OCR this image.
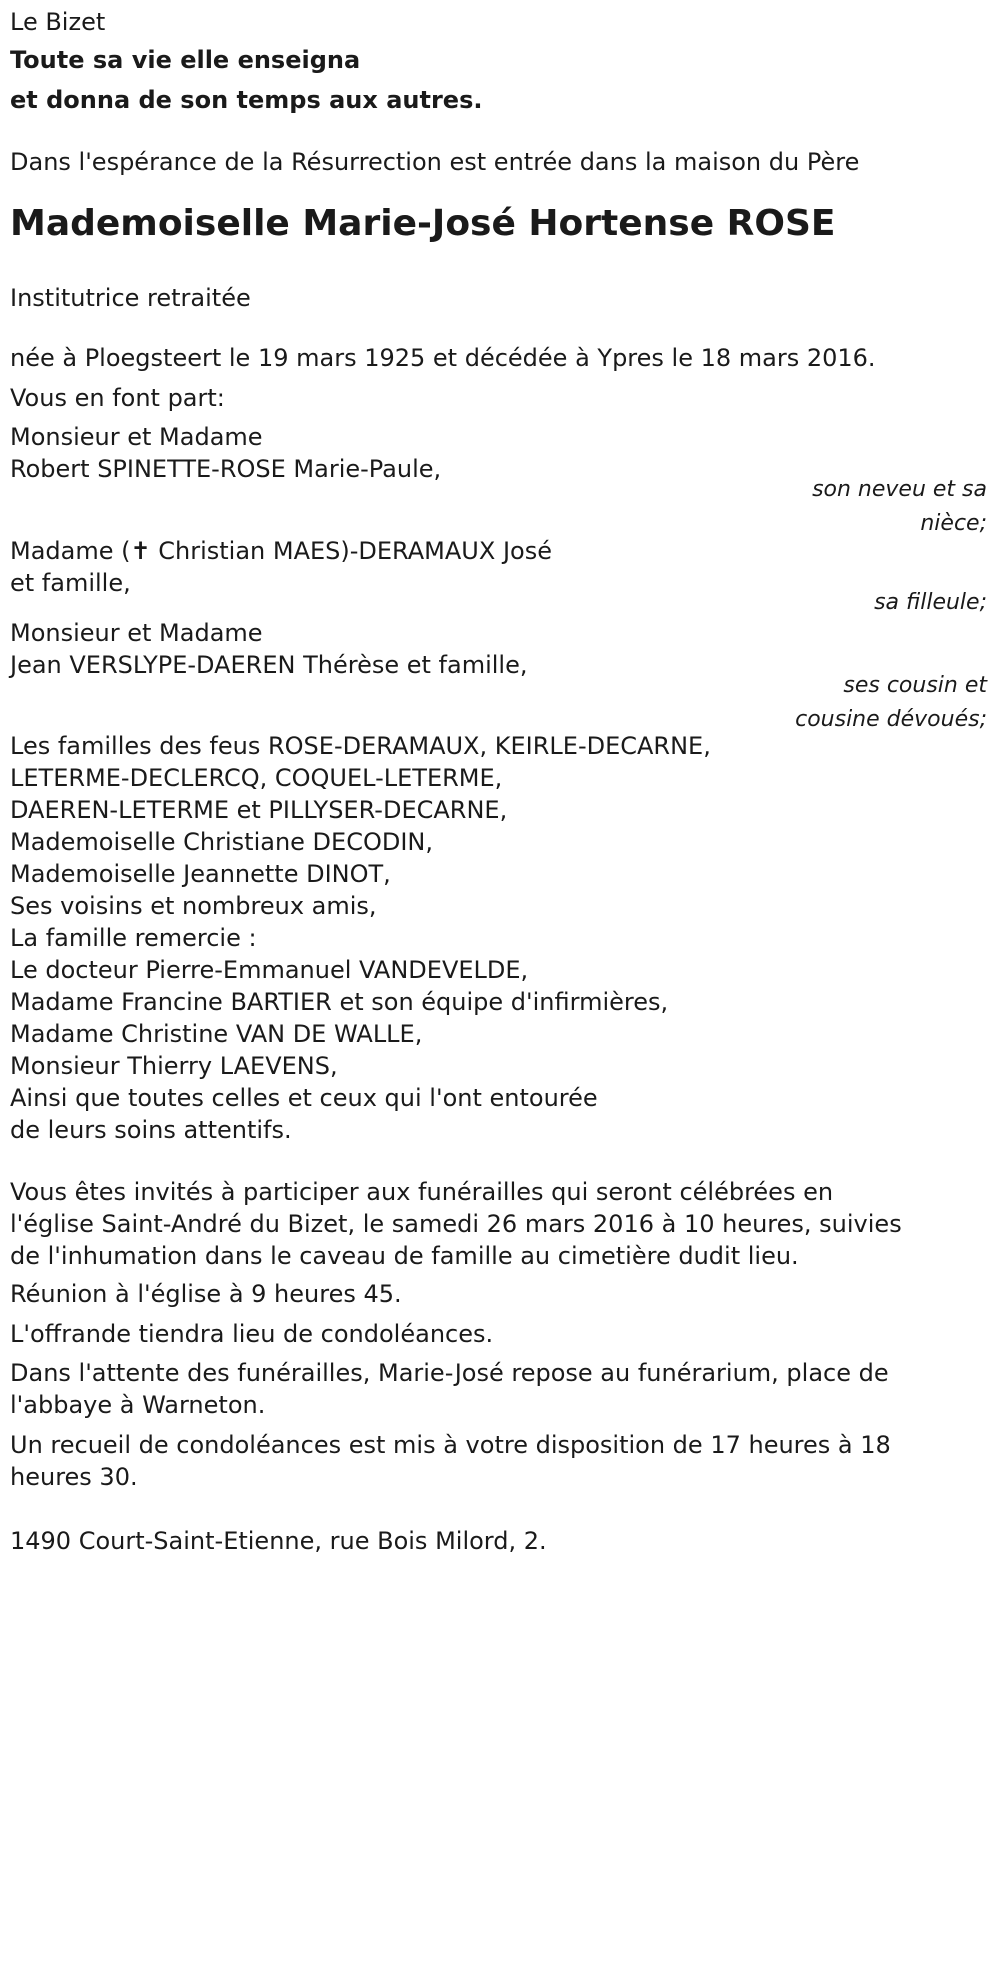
Le Bizet
Toute sa vie elle enseigna
et donna de son temps aux autres.
Dans l'espérance de la Résurrection est entrée dans la maison du Père
Mademoiselle Marie-José Hortense ROSE
Institutrice retraitée
née à Ploegsteert le 19 mars 1925 et décédée à Ypres le 18 mars 2016.
Vous en font part:
Monsieur et Madame
Robert SPINETTE-ROSE Marie-Paule,
son neveu et sa
nièce;
Madame (✝ Christian MAES)-DERAMAUX José
et famille,
sa filleule;
Monsieur et Madame
Jean VERSLYPE-DAEREN Thérèse et famille,
ses cousin et
cousine dévoués;
Les familles des feus ROSE-DERAMAUX, KEIRLE-DECARNE,
LETERME-DECLERCQ, COQUEL-LETERME,
DAEREN-LETERME et PILLYSER-DECARNE,
Mademoiselle Christiane DECODIN,
Mademoiselle Jeannette DINOT,
Ses voisins et nombreux amis,
La famille remercie :
Le docteur Pierre-Emmanuel VANDEVELDE,
Madame Francine BARTIER et son équipe d'infirmières,
Madame Christine VAN DE WALLE,
Monsieur Thierry LAEVENS,
Ainsi que toutes celles et ceux qui l'ont entourée
de leurs soins attentifs.
Vous êtes invités à participer aux funérailles qui seront célébrées en
l'église Saint-André du Bizet, le samedi 26 mars 2016 à 10 heures, suivies
de l'inhumation dans le caveau de famille au cimetière dudit lieu.
Réunion à l'église à 9 heures 45.
L'offrande tiendra lieu de condoléances.
Dans l'attente des funérailles, Marie-José repose au funérarium, place de
l'abbaye à Warneton.
Un recueil de condoléances est mis à votre disposition de 17 heures à 18
heures 30.
1490 Court-Saint-Etienne, rue Bois Milord, 2.
